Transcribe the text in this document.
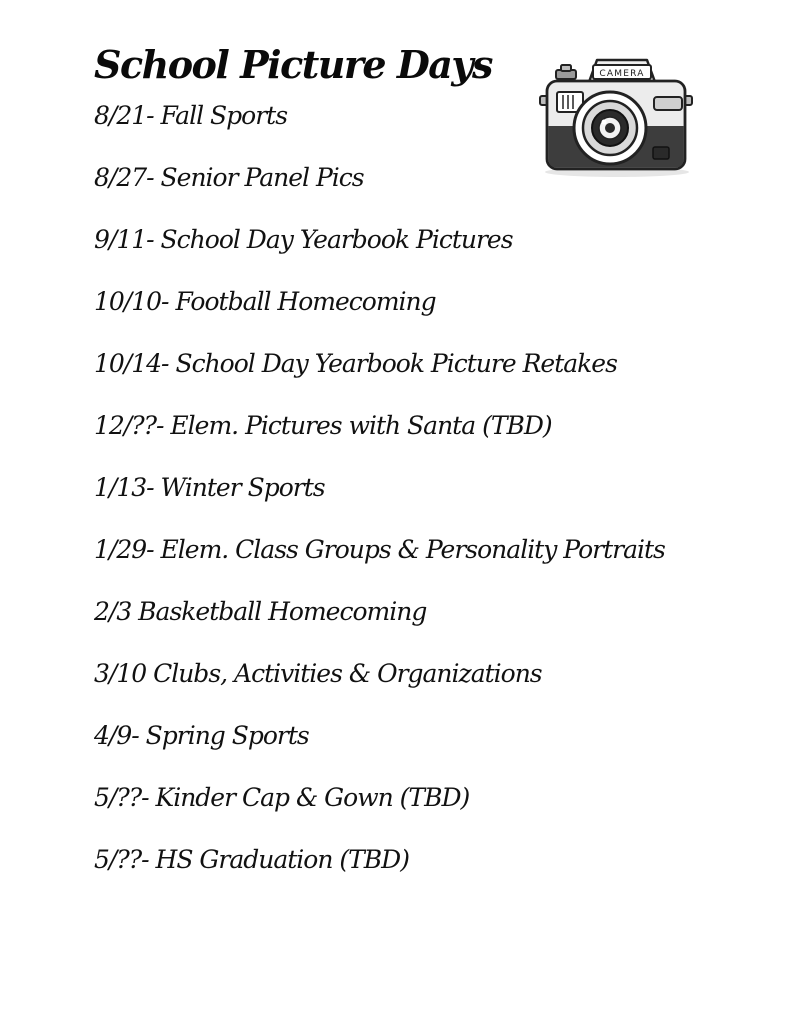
School Picture Days
8/21- Fall Sports
8/27- Senior Panel Pics
9/11- School Day Yearbook Pictures
10/10- Football Homecoming
10/14- School Day Yearbook Picture Retakes
12/??- Elem. Pictures with Santa (TBD)
1/13- Winter Sports
1/29- Elem. Class Groups & Personality Portraits
2/3 Basketball Homecoming
3/10 Clubs, Activities & Organizations
4/9- Spring Sports
5/??- Kinder Cap & Gown (TBD)
5/??- HS Graduation (TBD)
CAMERA
